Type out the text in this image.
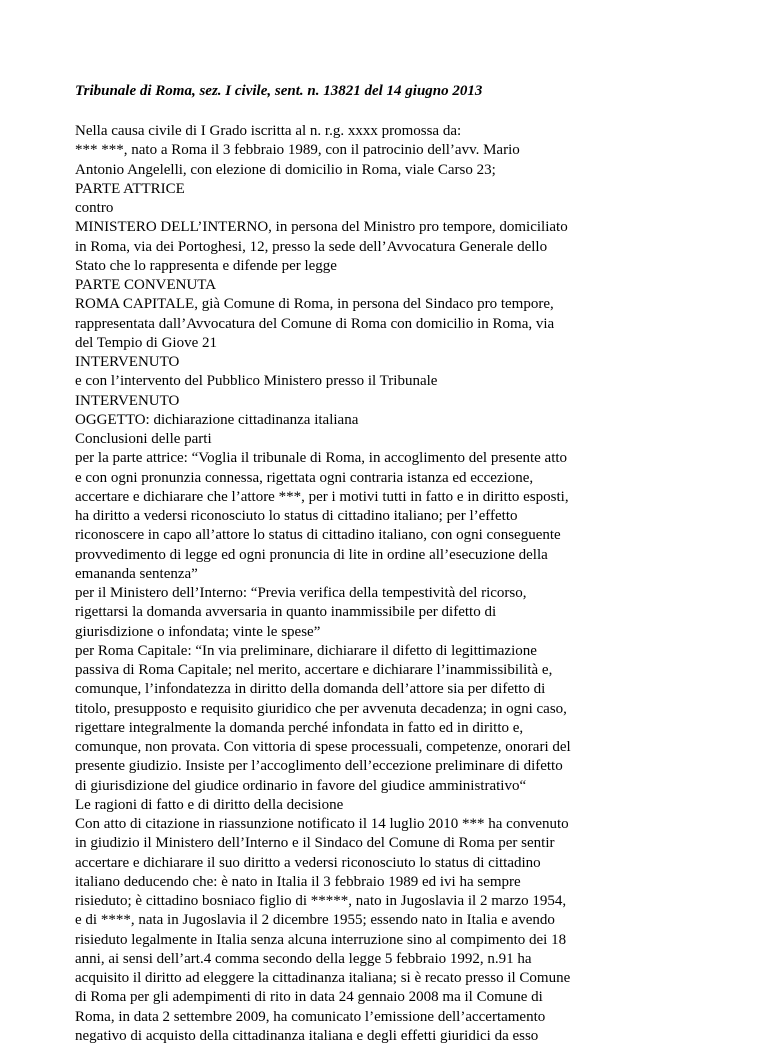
Tribunale di Roma, sez. I civile, sent. n. 13821 del 14 giugno 2013
Nella causa civile di I Grado iscritta al n. r.g. xxxx promossa da:
*** ***, nato a Roma il 3 febbraio 1989, con il patrocinio dell’avv. Mario
Antonio Angelelli, con elezione di domicilio in Roma, viale Carso 23;
PARTE ATTRICE
contro
MINISTERO DELL’INTERNO, in persona del Ministro pro tempore, domiciliato
in Roma, via dei Portoghesi, 12, presso la sede dell’Avvocatura Generale dello
Stato che lo rappresenta e difende per legge
PARTE CONVENUTA
ROMA CAPITALE, già Comune di Roma, in persona del Sindaco pro tempore,
rappresentata dall’Avvocatura del Comune di Roma con domicilio in Roma, via
del Tempio di Giove 21
INTERVENUTO
e con l’intervento del Pubblico Ministero presso il Tribunale
INTERVENUTO
OGGETTO: dichiarazione cittadinanza italiana
Conclusioni delle parti
per la parte attrice: “Voglia il tribunale di Roma, in accoglimento del presente atto
e con ogni pronunzia connessa, rigettata ogni contraria istanza ed eccezione,
accertare e dichiarare che l’attore ***, per i motivi tutti in fatto e in diritto esposti,
ha diritto a vedersi riconosciuto lo status di cittadino italiano; per l’effetto
riconoscere in capo all’attore lo status di cittadino italiano, con ogni conseguente
provvedimento di legge ed ogni pronuncia di lite in ordine all’esecuzione della
emananda sentenza”
per il Ministero dell’Interno: “Previa verifica della tempestività del ricorso,
rigettarsi la domanda avversaria in quanto inammissibile per difetto di
giurisdizione o infondata; vinte le spese”
per Roma Capitale: “In via preliminare, dichiarare il difetto di legittimazione
passiva di Roma Capitale; nel merito, accertare e dichiarare l’inammissibilità e,
comunque, l’infondatezza in diritto della domanda dell’attore sia per difetto di
titolo, presupposto e requisito giuridico che per avvenuta decadenza; in ogni caso,
rigettare integralmente la domanda perché infondata in fatto ed in diritto e,
comunque, non provata. Con vittoria di spese processuali, competenze, onorari del
presente giudizio. Insiste per l’accoglimento dell’eccezione preliminare di difetto
di giurisdizione del giudice ordinario in favore del giudice amministrativo“
Le ragioni di fatto e di diritto della decisione
Con atto di citazione in riassunzione notificato il 14 luglio 2010 *** ha convenuto
in giudizio il Ministero dell’Interno e il Sindaco del Comune di Roma per sentir
accertare e dichiarare il suo diritto a vedersi riconosciuto lo status di cittadino
italiano deducendo che: è nato in Italia il 3 febbraio 1989 ed ivi ha sempre
risieduto; è cittadino bosniaco figlio di *****, nato in Jugoslavia il 2 marzo 1954,
e di ****, nata in Jugoslavia il 2 dicembre 1955; essendo nato in Italia e avendo
risieduto legalmente in Italia senza alcuna interruzione sino al compimento dei 18
anni, ai sensi dell’art.4 comma secondo della legge 5 febbraio 1992, n.91 ha
acquisito il diritto ad eleggere la cittadinanza italiana; si è recato presso il Comune
di Roma per gli adempimenti di rito in data 24 gennaio 2008 ma il Comune di
Roma, in data 2 settembre 2009, ha comunicato l’emissione dell’accertamento
negativo di acquisto della cittadinanza italiana e degli effetti giuridici da esso
